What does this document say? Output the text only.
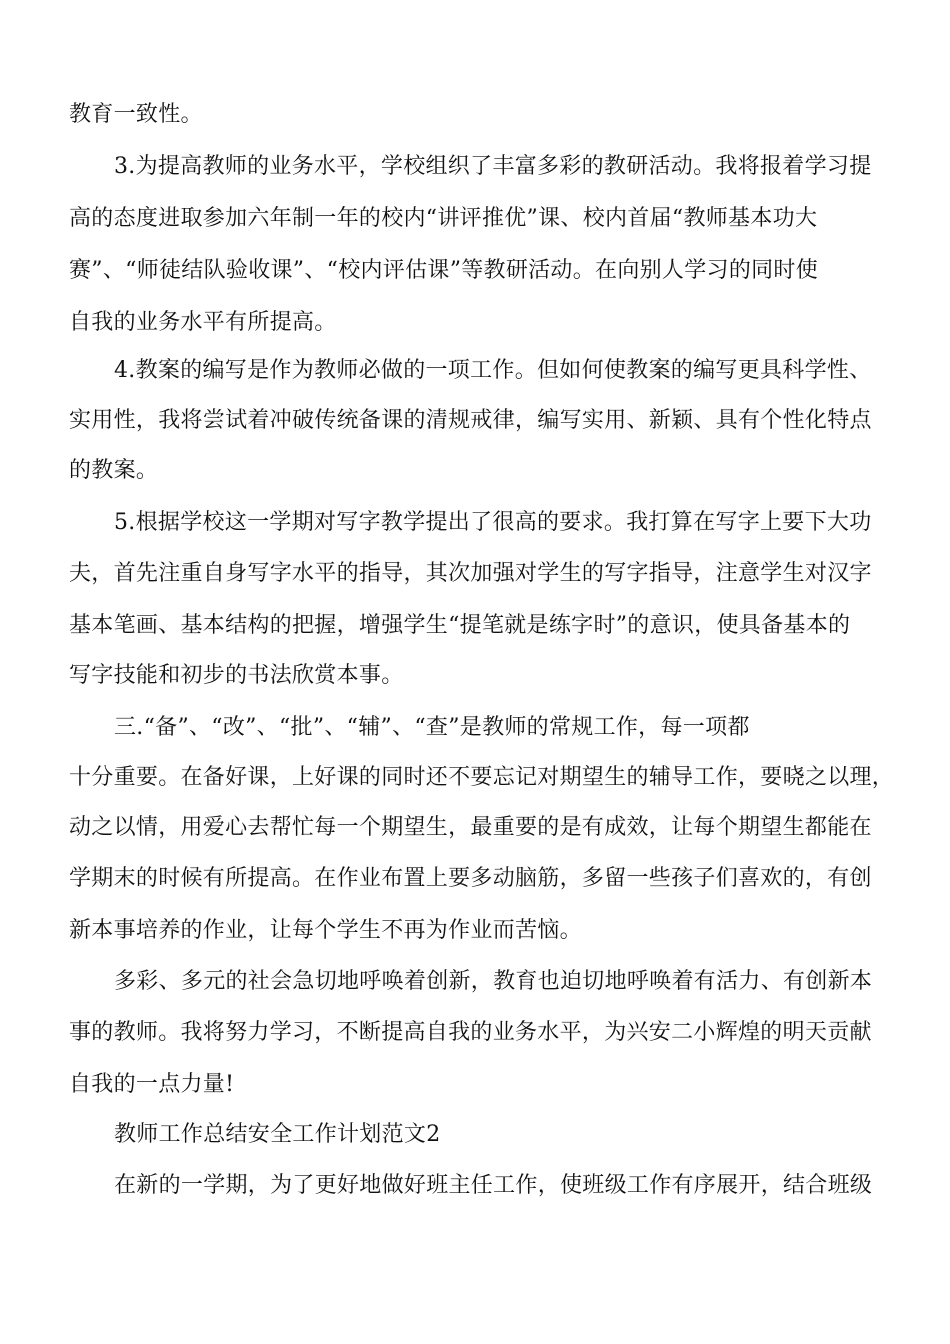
教育一致性。
3.为提高教师的业务水平，学校组织了丰富多彩的教研活动。我将报着学习提
高的态度进取参加六年制一年的校内“讲评推优”课、校内首届“教师基本功大
赛”、“师徒结队验收课”、“校内评估课”等教研活动。在向别人学习的同时使
自我的业务水平有所提高。
4.教案的编写是作为教师必做的一项工作。但如何使教案的编写更具科学性、
实用性，我将尝试着冲破传统备课的清规戒律，编写实用、新颖、具有个性化特点
的教案。
5.根据学校这一学期对写字教学提出了很高的要求。我打算在写字上要下大功
夫，首先注重自身写字水平的指导，其次加强对学生的写字指导，注意学生对汉字
基本笔画、基本结构的把握，增强学生“提笔就是练字时”的意识，使具备基本的
写字技能和初步的书法欣赏本事。
三.“备”、“改”、“批”、“辅”、“查”是教师的常规工作，每一项都
十分重要。在备好课，上好课的同时还不要忘记对期望生的辅导工作，要晓之以理，
动之以情，用爱心去帮忙每一个期望生，最重要的是有成效，让每个期望生都能在
学期末的时候有所提高。在作业布置上要多动脑筋，多留一些孩子们喜欢的，有创
新本事培养的作业，让每个学生不再为作业而苦恼。
多彩、多元的社会急切地呼唤着创新，教育也迫切地呼唤着有活力、有创新本
事的教师。我将努力学习，不断提高自我的业务水平，为兴安二小辉煌的明天贡献
自我的一点力量!
教师工作总结安全工作计划范文2
在新的一学期，为了更好地做好班主任工作，使班级工作有序展开，结合班级
